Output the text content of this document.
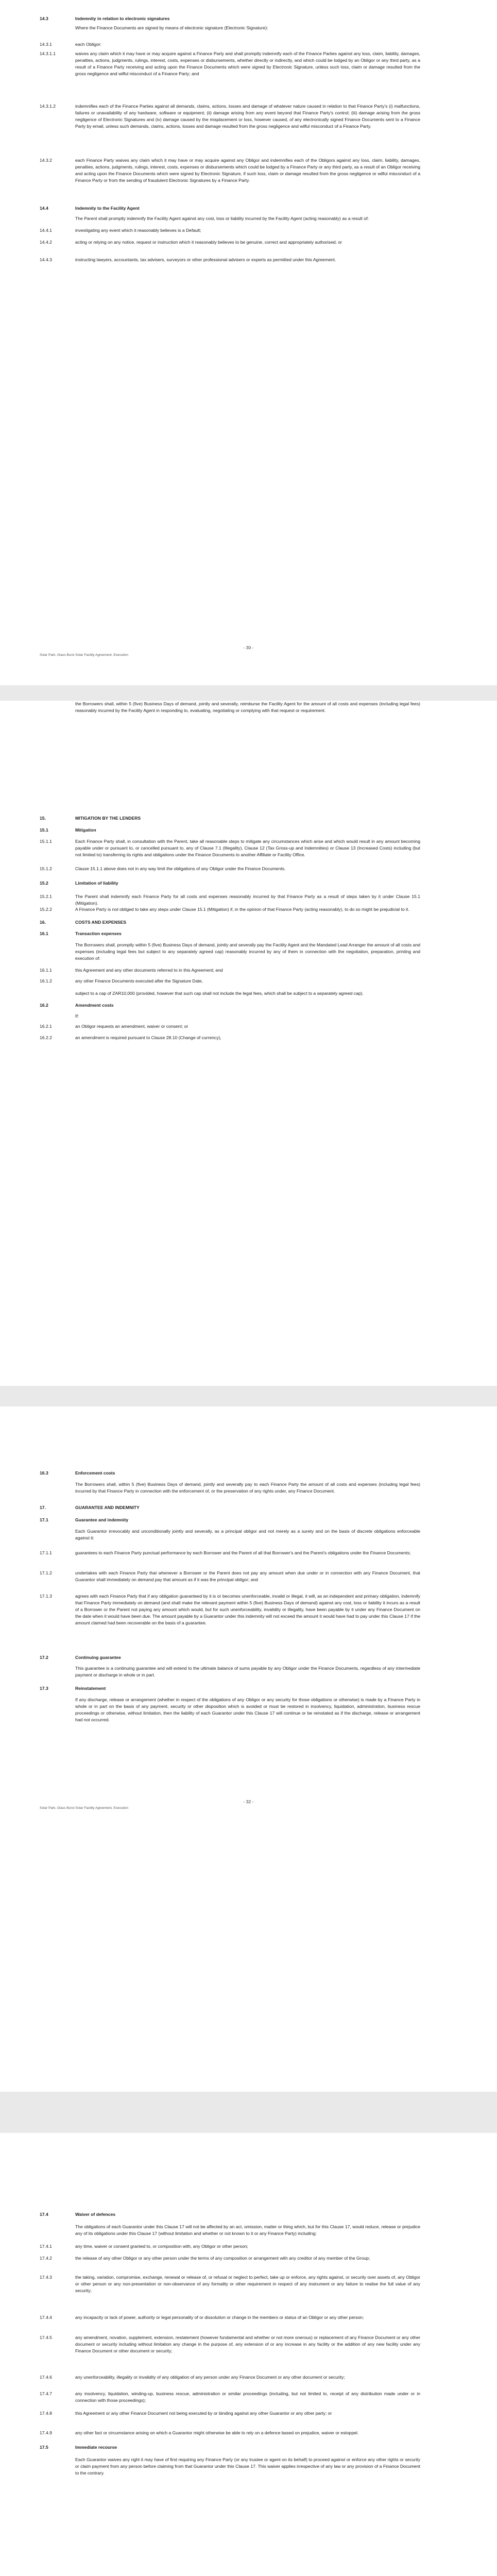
14.3	Indemnity in relation to electronic signatures
Where the Finance Documents are signed by means of electronic signature (Electronic Signature):
14.3.1	each Obligor:
14.3.1.1	waives any claim which it may have or may acquire against a Finance Party and shall promptly indemnify each of the Finance Parties against any loss, claim, liability, damages, penalties, actions, judgments, rulings, interest, costs, expenses or disbursements, whether directly or indirectly, and which could be lodged by an Obligor or any third party, as a result of a Finance Party receiving and acting upon the Finance Documents which were signed by Electronic Signature, unless such loss, claim or damage resulted from the gross negligence and wilful misconduct of a Finance Party; and
14.3.1.2	indemnifies each of the Finance Parties against all demands, claims, actions, losses and damage of whatever nature caused in relation to that Finance Party's (i) malfunctions, failures or unavailability of any hardware, software or equipment; (ii) damage arising from any event beyond that Finance Party's control; (iii) damage arising from the gross negligence of Electronic Signatures and (iv) damage caused by the misplacement or loss, however caused, of any electronically signed Finance Documents sent to a Finance Party by email, unless such demands, claims, actions, losses and damage resulted from the gross negligence and wilful misconduct of a Finance Party.
14.3.2	each Finance Party waives any claim which it may have or may acquire against any Obligor and indemnifies each of the Obligors against any loss, claim, liability, damages, penalties, actions, judgments, rulings, interest, costs, expenses or disbursements which could be lodged by a Finance Party or any third party, as a result of an Obligor receiving and acting upon the Finance Documents which were signed by Electronic Signature, if such loss, claim or damage resulted from the gross negligence or wilful misconduct of a Finance Party or from the sending of fraudulent Electronic Signatures by a Finance Party.
14.4	Indemnity to the Facility Agent
The Parent shall promptly indemnify the Facility Agent against any cost, loss or liability incurred by the Facility Agent (acting reasonably) as a result of:
14.4.1	investigating any event which it reasonably believes is a Default;
14.4.2	acting or relying on any notice, request or instruction which it reasonably believes to be genuine, correct and appropriately authorised; or
14.4.3	instructing lawyers, accountants, tax advisers, surveyors or other professional advisers or experts as permitted under this Agreement.
- 30 -
Solar Park, Glass Burst Solar Facility Agreement, Execution
15.	MITIGATION BY THE LENDERS
15.1	Mitigation
15.1.1	Each Finance Party shall, in consultation with the Parent, take all reasonable steps to mitigate any circumstances which arise and which would result in any amount becoming payable under or pursuant to, or cancelled pursuant to, any of Clause 7.1 (Illegality), Clause 12 (Tax Gross-up and Indemnities) or Clause 13 (Increased Costs) including (but not limited to) transferring its rights and obligations under the Finance Documents to another Affiliate or Facility Office.
15.1.2	Clause 15.1.1 above does not in any way limit the obligations of any Obligor under the Finance Documents.
15.2	Limitation of liability
15.2.1	The Parent shall indemnify each Finance Party for all costs and expenses reasonably incurred by that Finance Party as a result of steps taken by it under Clause 15.1 (Mitigation).
15.2.2	A Finance Party is not obliged to take any steps under Clause 15.1 (Mitigation) if, in the opinion of that Finance Party (acting reasonably), to do so might be prejudicial to it.
16.	COSTS AND EXPENSES
16.1	Transaction expenses
The Borrowers shall, promptly within 5 (five) Business Days of demand, jointly and severally pay the Facility Agent and the Mandated Lead Arranger the amount of all costs and expenses (including legal fees but subject to any separately agreed cap) reasonably incurred by any of them in connection with the negotiation, preparation, printing and execution of:
16.1.1	this Agreement and any other documents referred to in this Agreement; and
16.1.2	any other Finance Documents executed after the Signature Date,
subject to a cap of ZAR10,000 (provided, however that such cap shall not include the legal fees, which shall be subject to a separately agreed cap).
16.2	Amendment costs
If:
16.2.1	an Obligor requests an amendment, waiver or consent; or
16.2.2	an amendment is required pursuant to Clause 28.10 (Change of currency),
the Borrowers shall, within 5 (five) Business Days of demand, jointly and severally, reimburse the Facility Agent for the amount of all costs and expenses (including legal fees) reasonably incurred by the Facility Agent in responding to, evaluating, negotiating or complying with that request or requirement.
16.3	Enforcement costs
The Borrowers shall, within 5 (five) Business Days of demand, jointly and severally pay to each Finance Party the amount of all costs and expenses (including legal fees) incurred by that Finance Party in connection with the enforcement of, or the preservation of any rights under, any Finance Document.
17.	GUARANTEE AND INDEMNITY
17.1	Guarantee and indemnity
Each Guarantor irrevocably and unconditionally jointly and severally, as a principal obligor and not merely as a surety and on the basis of discrete obligations enforceable against it:
17.1.1	guarantees to each Finance Party punctual performance by each Borrower and the Parent of all that Borrower's and the Parent's obligations under the Finance Documents;
17.1.2	undertakes with each Finance Party that whenever a Borrower or the Parent does not pay any amount when due under or in connection with any Finance Document, that Guarantor shall immediately on demand pay that amount as if it was the principal obligor; and
17.1.3	agrees with each Finance Party that if any obligation guaranteed by it is or becomes unenforceable, invalid or illegal, it will, as an independent and primary obligation, indemnify that Finance Party immediately on demand (and shall make the relevant payment within 5 (five) Business Days of demand) against any cost, loss or liability it incurs as a result of a Borrower or the Parent not paying any amount which would, but for such unenforceability, invalidity or illegality, have been payable by it under any Finance Document on the date when it would have been due. The amount payable by a Guarantor under this indemnity will not exceed the amount it would have had to pay under this Clause 17 if the amount claimed had been recoverable on the basis of a guarantee.
17.2	Continuing guarantee
This guarantee is a continuing guarantee and will extend to the ultimate balance of sums payable by any Obligor under the Finance Documents, regardless of any intermediate payment or discharge in whole or in part.
17.3	Reinstatement
If any discharge, release or arrangement (whether in respect of the obligations of any Obligor or any security for those obligations or otherwise) is made by a Finance Party in whole or in part on the basis of any payment, security or other disposition which is avoided or must be restored in insolvency, liquidation, administration, business rescue proceedings or otherwise, without limitation, then the liability of each Guarantor under this Clause 17 will continue or be reinstated as if the discharge, release or arrangement had not occurred.
- 32 -
Solar Park, Glass Burst Solar Facility Agreement, Execution
17.4	Waiver of defences
The obligations of each Guarantor under this Clause 17 will not be affected by an act, omission, matter or thing which, but for this Clause 17, would reduce, release or prejudice any of its obligations under this Clause 17 (without limitation and whether or not known to it or any Finance Party) including:
17.4.1	any time, waiver or consent granted to, or composition with, any Obligor or other person;
17.4.2	the release of any other Obligor or any other person under the terms of any composition or arrangement with any creditor of any member of the Group;
17.4.3	the taking, variation, compromise, exchange, renewal or release of, or refusal or neglect to perfect, take up or enforce, any rights against, or security over assets of, any Obligor or other person or any non-presentation or non-observance of any formality or other requirement in respect of any instrument or any failure to realise the full value of any security;
17.4.4	any incapacity or lack of power, authority or legal personality of or dissolution or change in the members or status of an Obligor or any other person;
17.4.5	any amendment, novation, supplement, extension, restatement (however fundamental and whether or not more onerous) or replacement of any Finance Document or any other document or security including without limitation any change in the purpose of, any extension of or any increase in any facility or the addition of any new facility under any Finance Document or other document or security;
17.4.6	any unenforceability, illegality or invalidity of any obligation of any person under any Finance Document or any other document or security;
17.4.7	any insolvency, liquidation, winding-up, business rescue, administration or similar proceedings (including, but not limited to, receipt of any distribution made under or in connection with those proceedings);
17.4.8	this Agreement or any other Finance Document not being executed by or binding against any other Guarantor or any other party; or
17.4.9	any other fact or circumstance arising on which a Guarantor might otherwise be able to rely on a defence based on prejudice, waiver or estoppel.
17.5	Immediate recourse
Each Guarantor waives any right it may have of first requiring any Finance Party (or any trustee or agent on its behalf) to proceed against or enforce any other rights or security or claim payment from any person before claiming from that Guarantor under this Clause 17. This waiver applies irrespective of any law or any provision of a Finance Document to the contrary.
